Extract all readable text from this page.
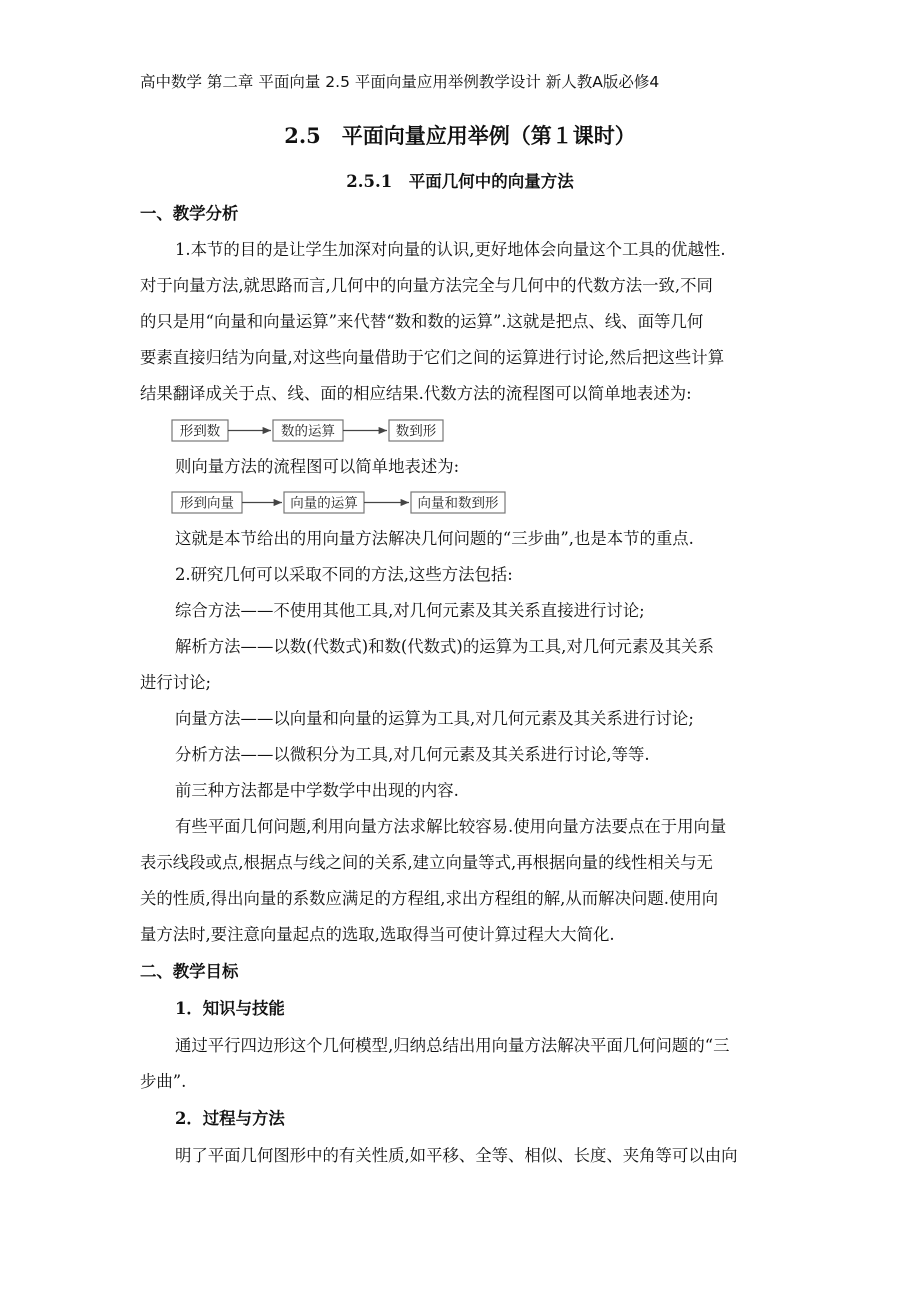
高中数学 第二章 平面向量 2.5 平面向量应用举例教学设计 新人教A版必修4
2.5　平面向量应用举例（第１课时）
2.5.1　平面几何中的向量方法
一、教学分析
1.本节的目的是让学生加深对向量的认识,更好地体会向量这个工具的优越性.
对于向量方法,就思路而言,几何中的向量方法完全与几何中的代数方法一致,不同
的只是用“向量和向量运算”来代替“数和数的运算”.这就是把点、线、面等几何
要素直接归结为向量,对这些向量借助于它们之间的运算进行讨论,然后把这些计算
结果翻译成关于点、线、面的相应结果.代数方法的流程图可以简单地表述为:
形到数	数的运算	数到形
形到向量	向量的运算	向量和数到形
则向量方法的流程图可以简单地表述为:
这就是本节给出的用向量方法解决几何问题的“三步曲”,也是本节的重点.
2.研究几何可以采取不同的方法,这些方法包括:
综合方法——不使用其他工具,对几何元素及其关系直接进行讨论;
解析方法——以数(代数式)和数(代数式)的运算为工具,对几何元素及其关系
进行讨论;
向量方法——以向量和向量的运算为工具,对几何元素及其关系进行讨论;
分析方法——以微积分为工具,对几何元素及其关系进行讨论,等等.
前三种方法都是中学数学中出现的内容.
有些平面几何问题,利用向量方法求解比较容易.使用向量方法要点在于用向量
表示线段或点,根据点与线之间的关系,建立向量等式,再根据向量的线性相关与无
关的性质,得出向量的系数应满足的方程组,求出方程组的解,从而解决问题.使用向
量方法时,要注意向量起点的选取,选取得当可使计算过程大大简化.
二、教学目标
1．知识与技能
通过平行四边形这个几何模型,归纳总结出用向量方法解决平面几何问题的“三
步曲”.
2．过程与方法
明了平面几何图形中的有关性质,如平移、全等、相似、长度、夹角等可以由向
